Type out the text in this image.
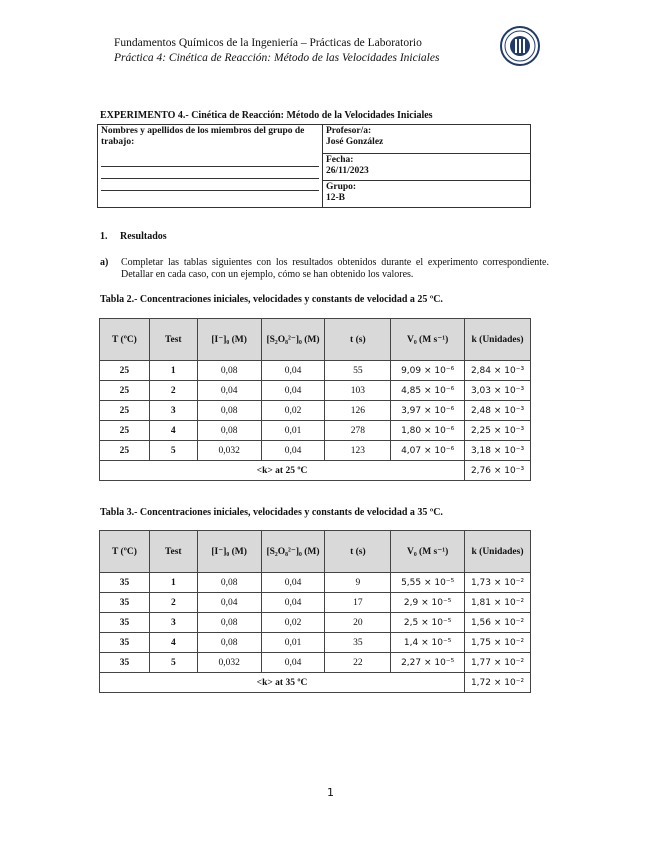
Fundamentos Químicos de la Ingeniería – Prácticas de Laboratorio
Práctica 4: Cinética de Reacción: Método de las Velocidades Iniciales
EXPERIMENTO 4.- Cinética de Reacción: Método de la Velocidades Iniciales
Nombres y apellidos de los miembros del grupo de trabajo:

Profesor/a:
José González

Fecha:
26/11/2023

Grupo:
12-B
1. Resultados
a) Completar las tablas siguientes con los resultados obtenidos durante el experimento correspondiente. Detallar en cada caso, con un ejemplo, cómo se han obtenido los valores.
Tabla 2.- Concentraciones iniciales, velocidades y constants de velocidad a 25 ºC.
T (ºC)	Test	[I⁻]₀ (M)	[S₂O₈²⁻]₀ (M)	t (s)	V₀ (M s⁻¹)	k (Unidades)
25	1	0,08	0,04	55	9,09 × 10⁻⁶	2,84 × 10⁻³
25	2	0,04	0,04	103	4,85 × 10⁻⁶	3,03 × 10⁻³
25	3	0,08	0,02	126	3,97 × 10⁻⁶	2,48 × 10⁻³
25	4	0,08	0,01	278	1,80 × 10⁻⁶	2,25 × 10⁻³
25	5	0,032	0,04	123	4,07 × 10⁻⁶	3,18 × 10⁻³
<k> at 25 ºC						2,76 × 10⁻³
Tabla 3.- Concentraciones iniciales, velocidades y constants de velocidad a 35 ºC.
T (ºC)	Test	[I⁻]₀ (M)	[S₂O₈²⁻]₀ (M)	t (s)	V₀ (M s⁻¹)	k (Unidades)
35	1	0,08	0,04	9	5,55 × 10⁻⁵	1,73 × 10⁻²
35	2	0,04	0,04	17	2,9 × 10⁻⁵	1,81 × 10⁻²
35	3	0,08	0,02	20	2,5 × 10⁻⁵	1,56 × 10⁻²
35	4	0,08	0,01	35	1,4 × 10⁻⁵	1,75 × 10⁻²
35	5	0,032	0,04	22	2,27 × 10⁻⁵	1,77 × 10⁻²
<k> at 35 ºC						1,72 × 10⁻²
1
